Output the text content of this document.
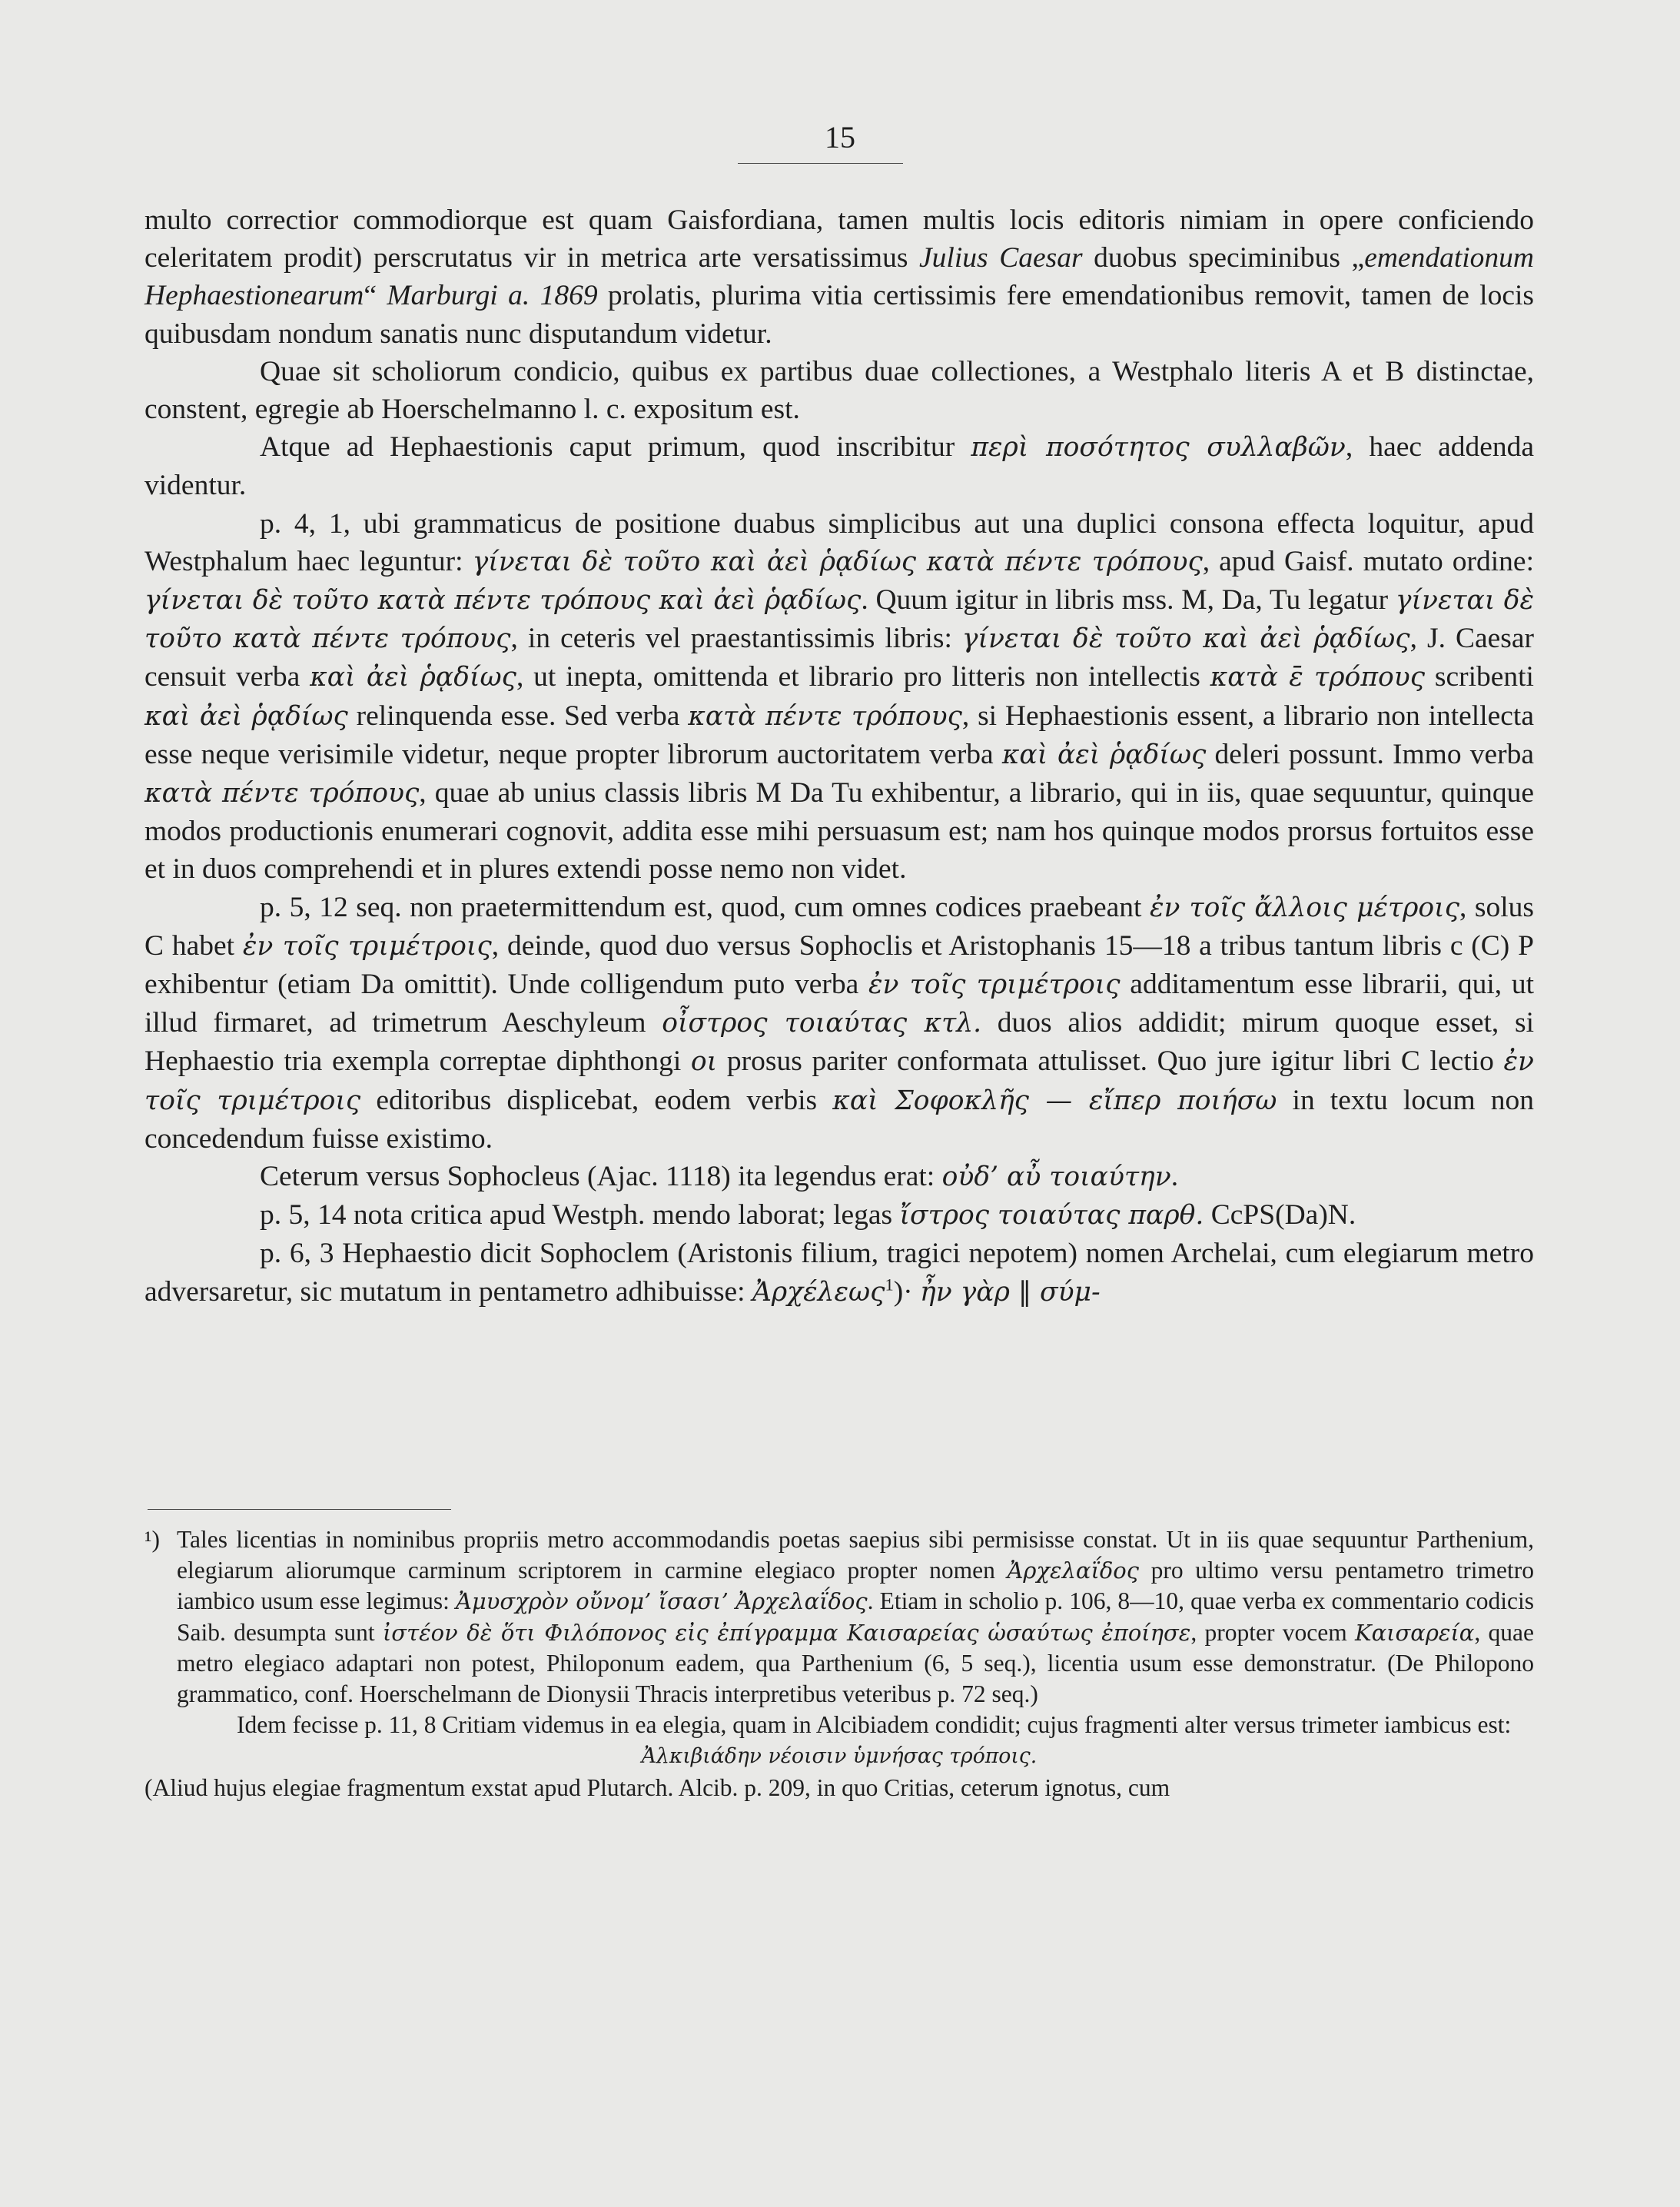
15

multo correctior commodiorque est quam Gaisfordiana, tamen multis locis editoris nimiam in opere conficiendo celeritatem prodit) perscrutatus vir in metrica arte versatissimus Julius Caesar duobus speciminibus „emendationum Hephaestionearum“ Marburgi a. 1869 prolatis, plurima vitia certissimis fere emendationibus removit, tamen de locis quibusdam nondum sanatis nunc disputandum videtur.

Quae sit scholiorum condicio, quibus ex partibus duae collectiones, a Westphalo literis A et B distinctae, constent, egregie ab Hoerschelmanno l. c. expositum est.

Atque ad Hephaestionis caput primum, quod inscribitur περὶ ποσότητος συλλαβῶν, haec addenda videntur.

p. 4, 1, ubi grammaticus de positione duabus simplicibus aut una duplici consona effecta loquitur, apud Westphalum haec leguntur: γίνεται δὲ τοῦτο καὶ ἀεὶ ῥᾳδίως κατὰ πέντε τρόπους, apud Gaisf. mutato ordine: γίνεται δὲ τοῦτο κατὰ πέντε τρόπους καὶ ἀεὶ ῥᾳδίως. Quum igitur in libris mss. M, Da, Tu legatur γίνεται δὲ τοῦτο κατὰ πέντε τρόπους, in ceteris vel praestantissimis libris: γίνεται δὲ τοῦτο καὶ ἀεὶ ῥᾳδίως, J. Caesar censuit verba καὶ ἀεὶ ῥᾳδίως, ut inepta, omittenda et librario pro litteris non intellectis κατὰ ε̄ τρόπους scribenti καὶ ἀεὶ ῥᾳδίως relinquenda esse. Sed verba κατὰ πέντε τρόπους, si Hephaestionis essent, a librario non intellecta esse neque verisimile videtur, neque propter librorum auctoritatem verba καὶ ἀεὶ ῥᾳδίως deleri possunt. Immo verba κατὰ πέντε τρόπους, quae ab unius classis libris M Da Tu exhibentur, a librario, qui in iis, quae sequuntur, quinque modos productionis enumerari cognovit, addita esse mihi persuasum est; nam hos quinque modos prorsus fortuitos esse et in duos comprehendi et in plures extendi posse nemo non videt.

p. 5, 12 seq. non praetermittendum est, quod, cum omnes codices praebeant ἐν τοῖς ἄλλοις μέτροις, solus C habet ἐν τοῖς τριμέτροις, deinde, quod duo versus Sophoclis et Aristophanis 15—18 a tribus tantum libris c (C) P exhibentur (etiam Da omittit). Unde colligendum puto verba ἐν τοῖς τριμέτροις additamentum esse librarii, qui, ut illud firmaret, ad trimetrum Aeschyleum οἶστρος τοιαύτας κτλ. duos alios addidit; mirum quoque esset, si Hephaestio tria exempla correptae diphthongi οι prosus pariter conformata attulisset. Quo jure igitur libri C lectio ἐν τοῖς τριμέτροις editoribus displicebat, eodem verbis καὶ Σοφοκλῆς — εἴπερ ποιήσω in textu locum non concedendum fuisse existimo.

Ceterum versus Sophocleus (Ajac. 1118) ita legendus erat: οὐδ’ αὖ τοιαύτην.

p. 5, 14 nota critica apud Westph. mendo laborat; legas ἴστρος τοιαύτας παρθ. CcPS(Da)N.

p. 6, 3 Hephaestio dicit Sophoclem (Aristonis filium, tragici nepotem) nomen Archelai, cum elegiarum metro adversaretur, sic mutatum in pentametro adhibuisse: Ἀρχέλεως$^1$)· ἦν γὰρ ‖ σύμ-

¹) Tales licentias in nominibus propriis metro accommodandis poetas saepius sibi permisisse constat. Ut in iis quae sequuntur Parthenium, elegiarum aliorumque carminum scriptorem in carmine elegiaco propter nomen Ἀρχελαΐδος pro ultimo versu pentametro trimetro iambico usum esse legimus: Ἀμυσχρὸν οὔνομ’ ἴσασι’ Ἀρχελαΐδος. Etiam in scholio p. 106, 8—10, quae verba ex commentario codicis Saib. desumpta sunt ἰστέον δὲ ὅτι Φιλόπονος εἰς ἐπίγραμμα Καισαρείας ὡσαύτως ἐποίησε, propter vocem Καισαρεία, quae metro elegiaco adaptari non potest, Philoponum eadem, qua Parthenium (6, 5 seq.), licentia usum esse demonstratur. (De Philopono grammatico, conf. Hoerschelmann de Dionysii Thracis interpretibus veteribus p. 72 seq.)

Idem fecisse p. 11, 8 Critiam videmus in ea elegia, quam in Alcibiadem condidit; cujus fragmenti alter versus trimeter iambicus est:

Ἀλκιβιάδην νέοισιν ὑμνήσας τρόποις.

(Aliud hujus elegiae fragmentum exstat apud Plutarch. Alcib. p. 209, in quo Critias, ceterum ignotus, cum
